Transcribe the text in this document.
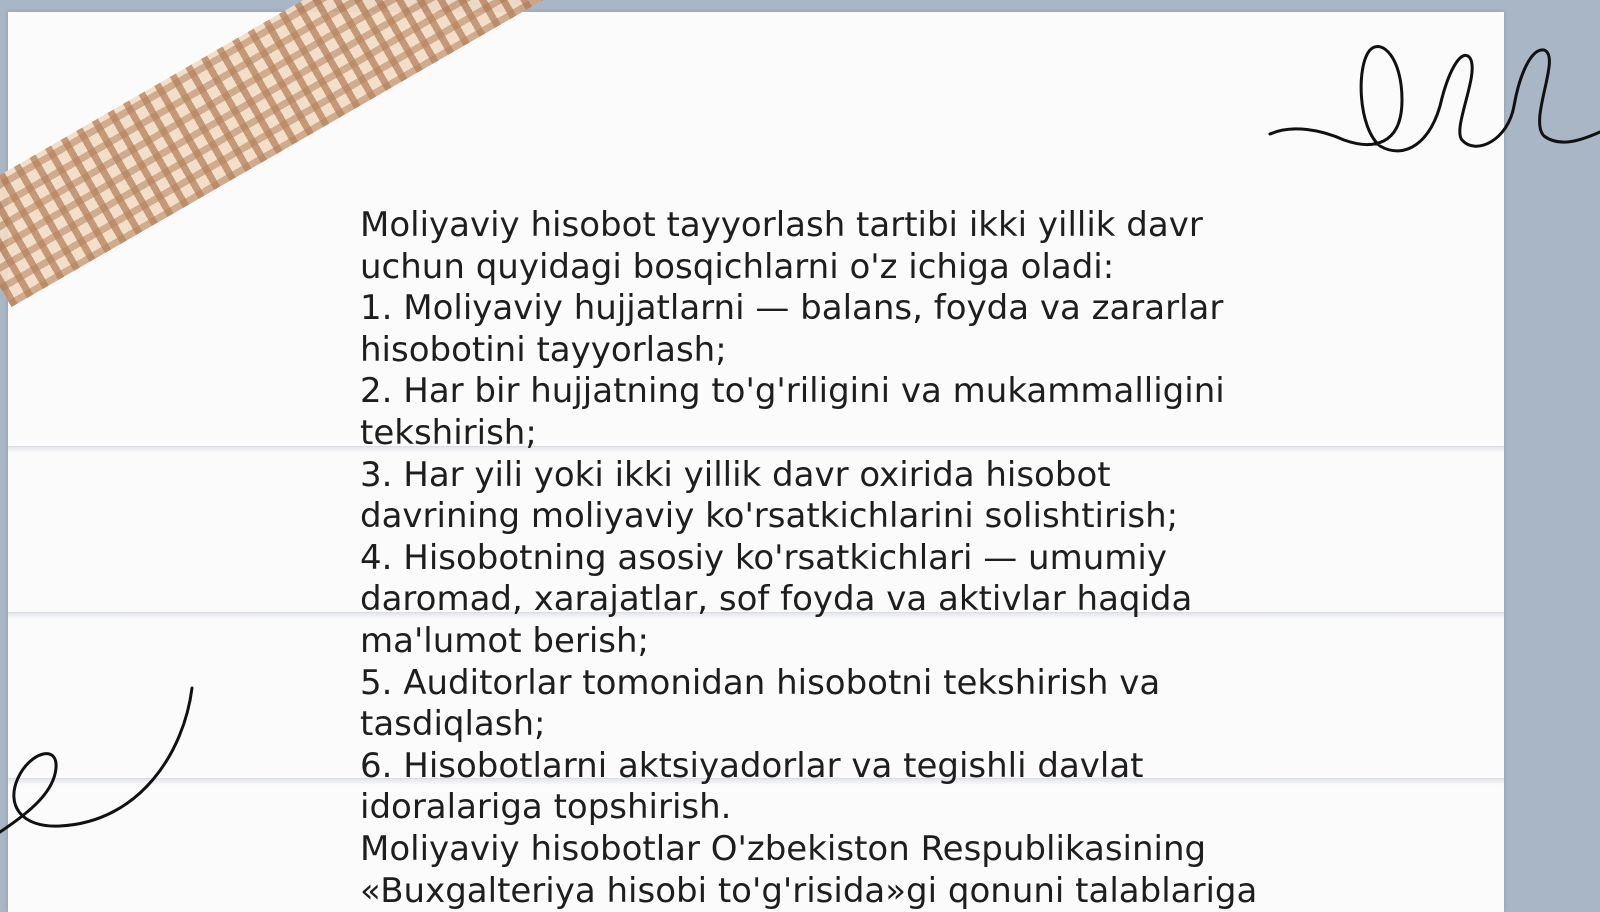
Moliyaviy hisobot tayyorlash tartibi ikki yillik davr uchun quyidagi bosqichlarni o'z ichiga oladi:

1. Moliyaviy hujjatlarni — balans, foyda va zararlar hisobotini tayyorlash;

2. Har bir hujjatning to'g'riligini va mukammalligini tekshirish;

3. Har yili yoki ikki yillik davr oxirida hisobot davrining moliyaviy ko'rsatkichlarini solishtirish;

4. Hisobotning asosiy ko'rsatkichlari — umumiy daromad, xarajatlar, sof foyda va aktivlar haqida ma'lumot berish;

5. Auditorlar tomonidan hisobotni tekshirish va tasdiqlash;

6. Hisobotlarni aktsiyadorlar va tegishli davlat idoralariga topshirish.

Moliyaviy hisobotlar O'zbekiston Respublikasining «Buxgalteriya hisobi to'g'risida»gi qonuni talablariga
